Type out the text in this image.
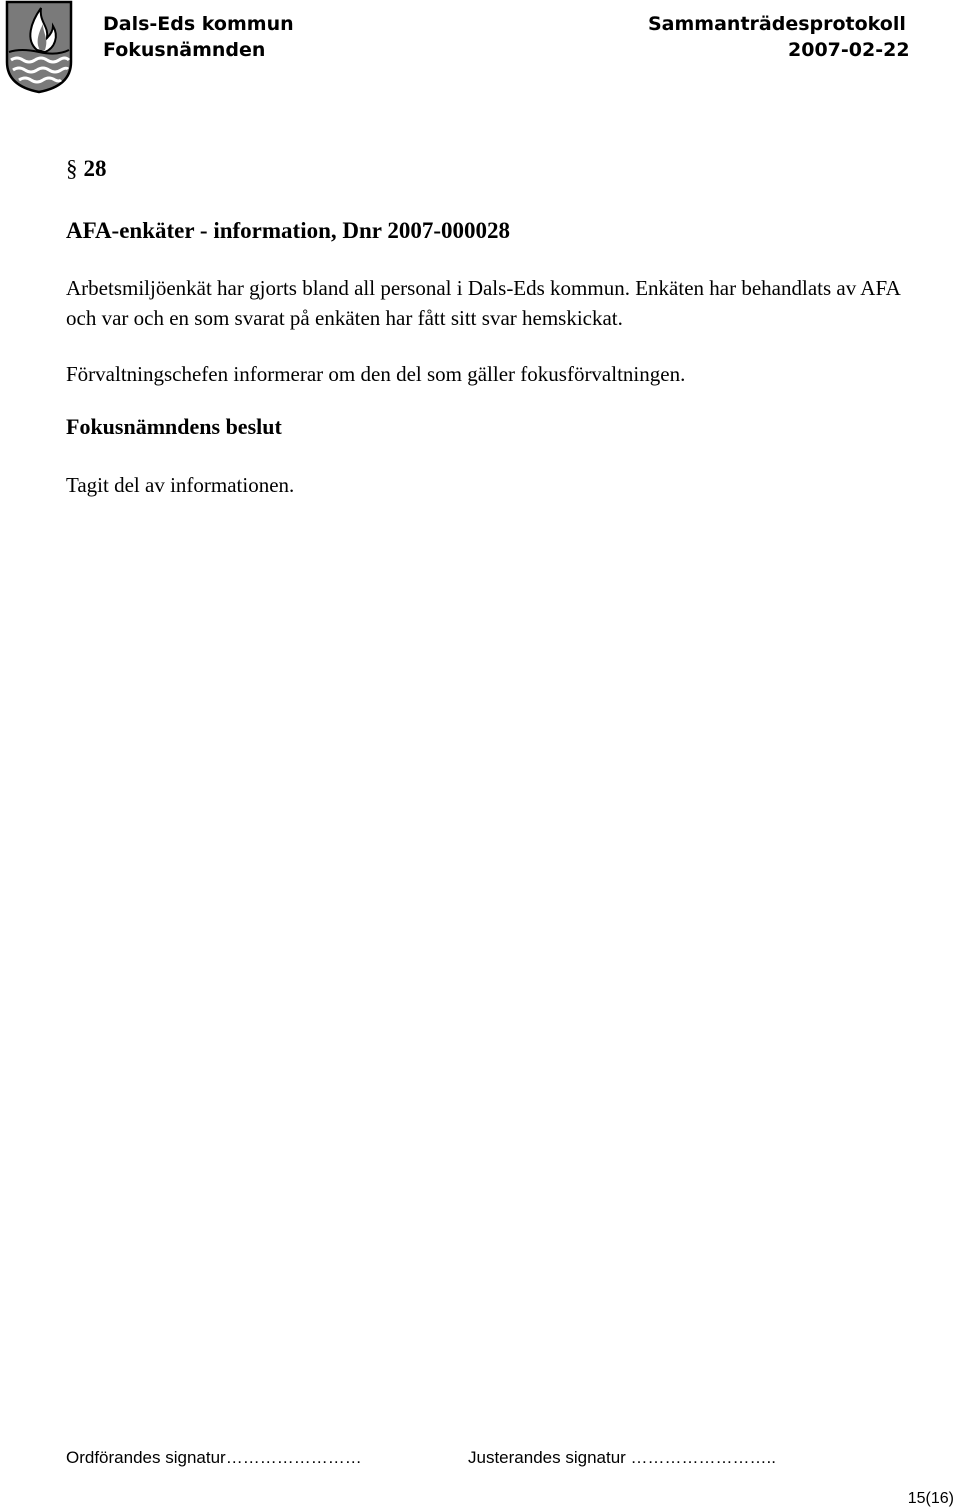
Dals-Eds kommun
Fokusnämnden
Sammanträdesprotokoll
2007-02-22
§ 28
AFA-enkäter - information, Dnr 2007-000028
Arbetsmiljöenkät har gjorts bland all personal i Dals-Eds kommun. Enkäten har behandlats av AFA och var och en som svarat på enkäten har fått sitt svar hemskickat.
Förvaltningschefen informerar om den del som gäller fokusförvaltningen.
Fokusnämndens beslut
Tagit del av informationen.
Ordförandes signatur……………………	Justerandes signatur ……………………..
15(16)
